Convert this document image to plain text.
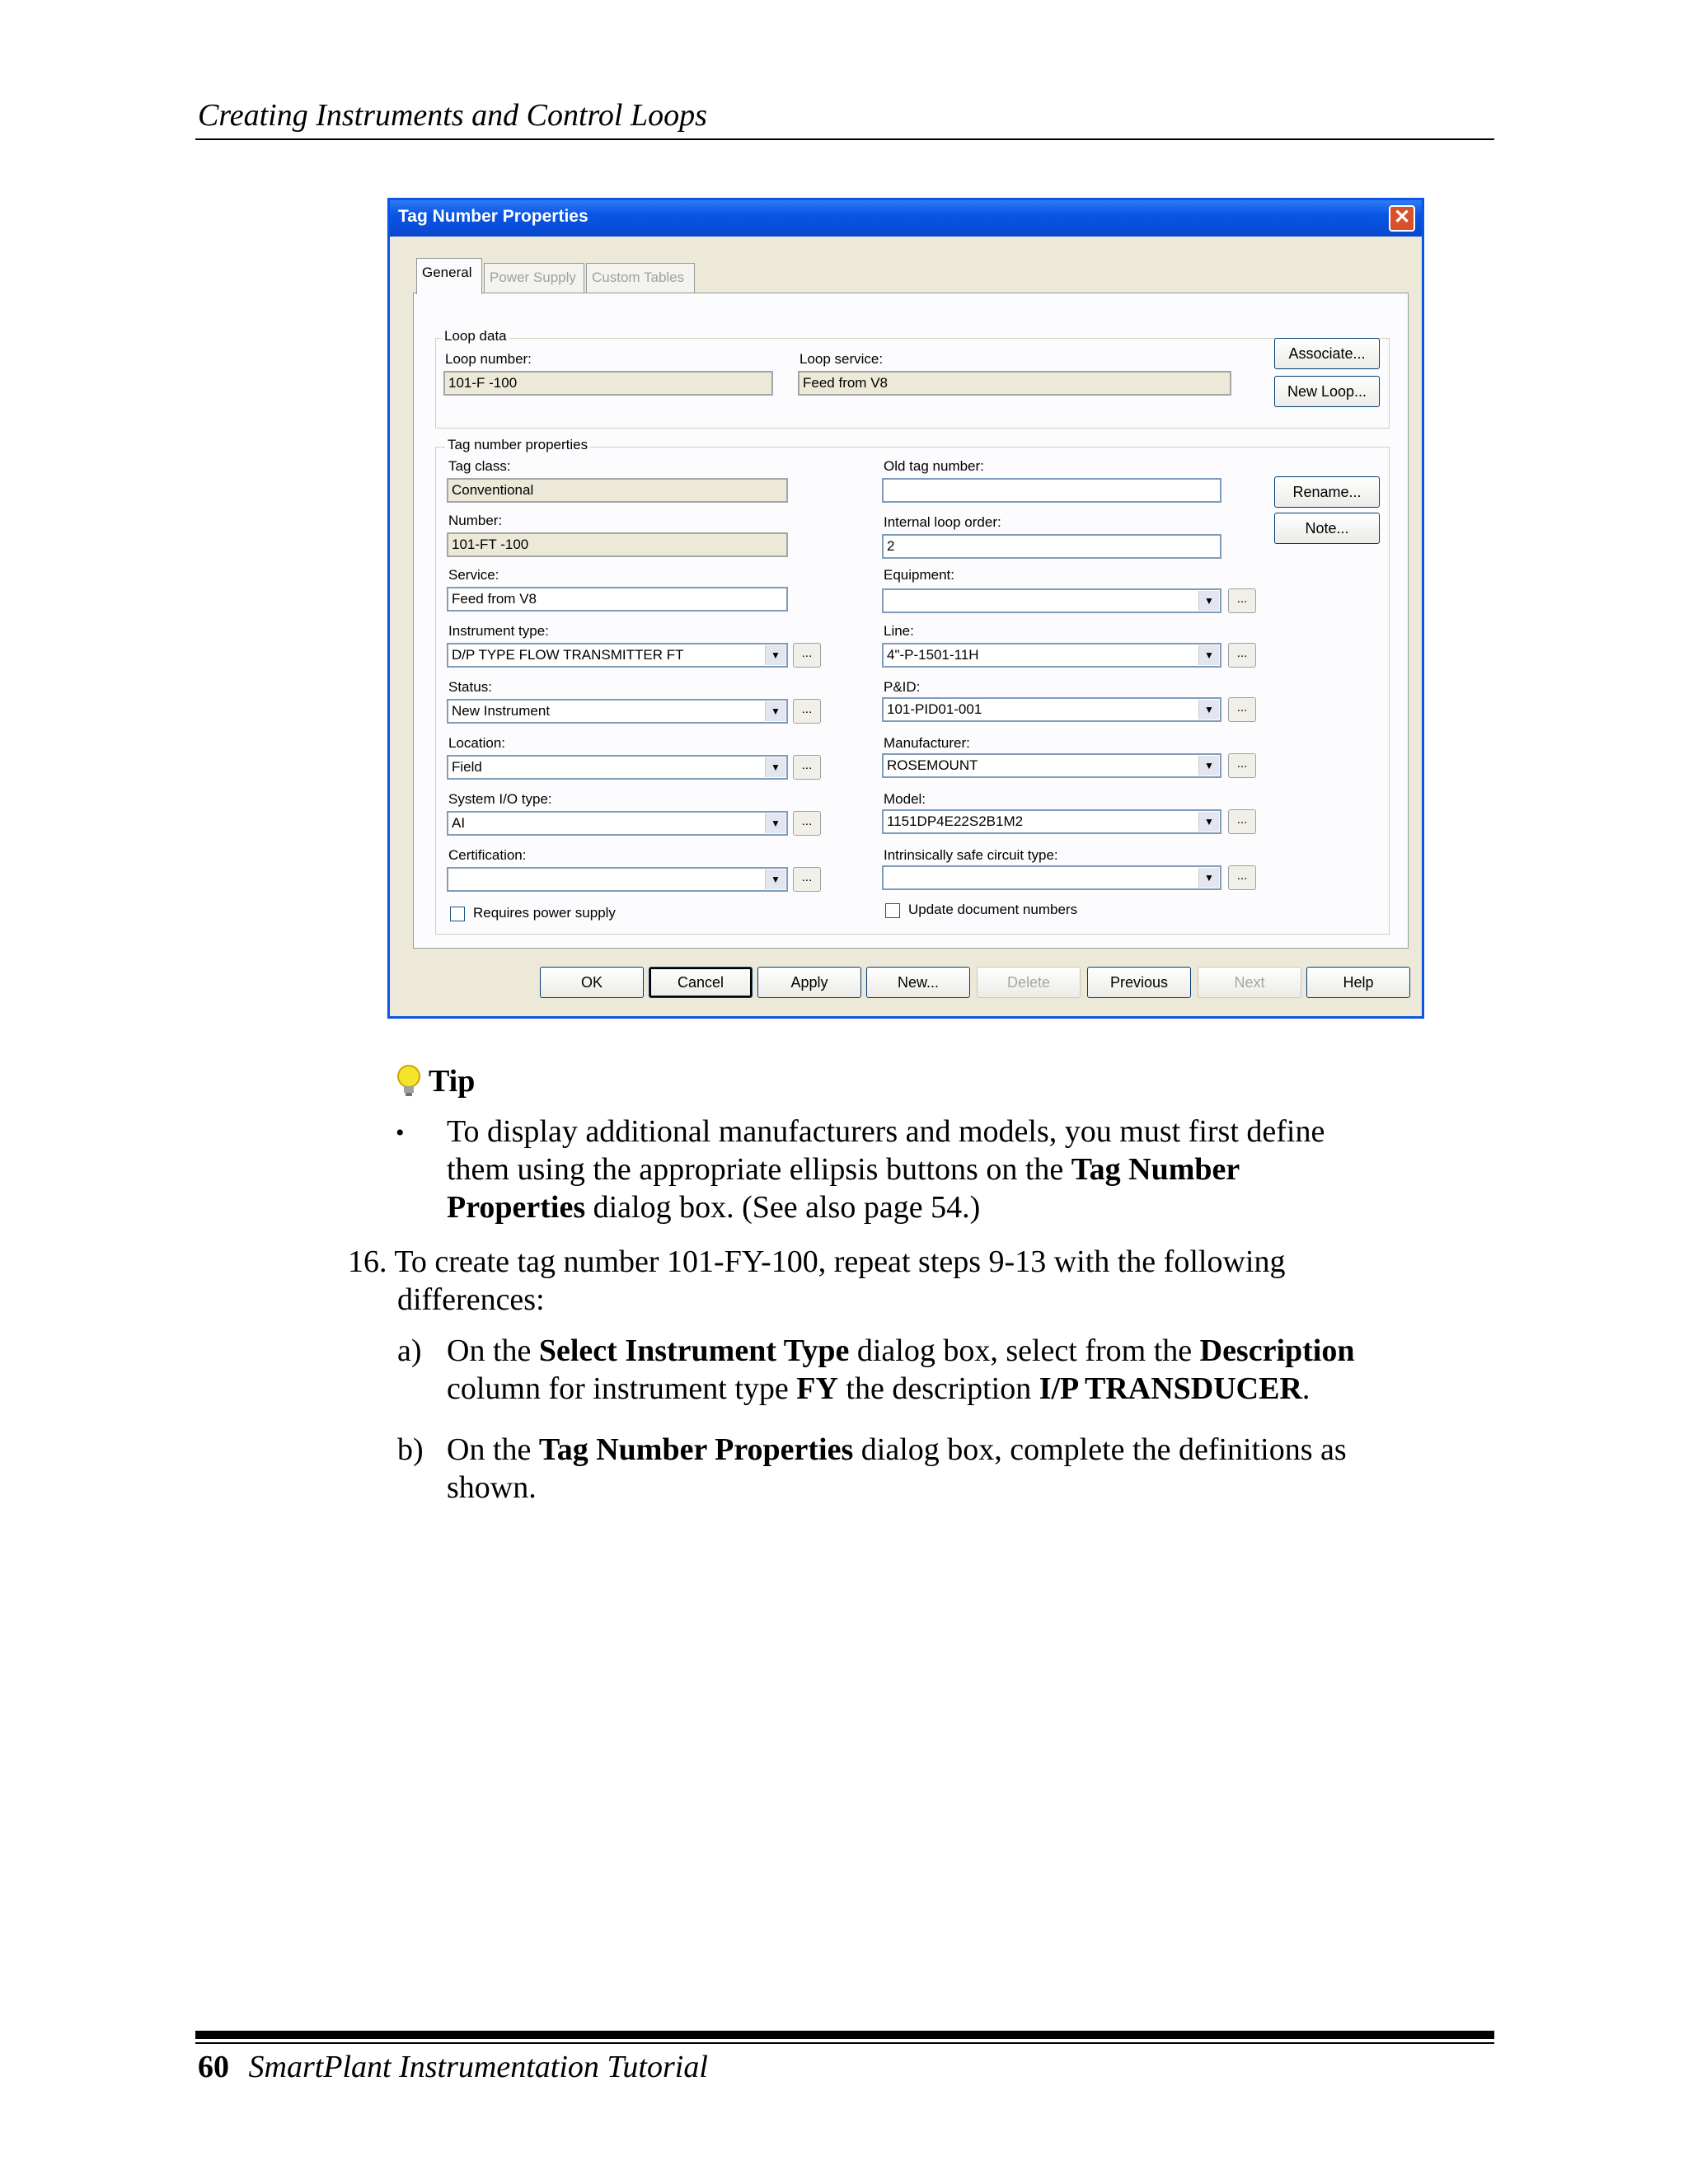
Creating Instruments and Control Loops
Tag Number Properties	✕
General	Power Supply	Custom Tables
Loop data
Loop number:
101-F -100
Loop service:
Feed from V8
Associate...
New Loop...
Tag number properties
Tag class:
Conventional
Number:
101-FT -100
Service:
Feed from V8
Instrument type:
D/P TYPE FLOW TRANSMITTER FT	▼	...
Status:
New Instrument	▼	...
Location:
Field	▼	...
System I/O type:
AI	▼	...
Certification:
▼	...
Requires power supply
Old tag number:
Internal loop order:
2
Equipment:
▼	...
Line:
4"-P-1501-11H	▼	...
P&ID:
101-PID01-001	▼	...
Manufacturer:
ROSEMOUNT	▼	...
Model:
1151DP4E22S2B1M2	▼	...
Intrinsically safe circuit type:
▼	...
Update document numbers
Rename...
Note...
OK	Cancel	Apply	New...	Delete	Previous	Next	Help
Tip
• To display additional manufacturers and models, you must first define
them using the appropriate ellipsis buttons on the Tag Number
Properties dialog box. (See also page 54.)
16. To create tag number 101-FY-100, repeat steps 9-13 with the following
differences:
a) On the Select Instrument Type dialog box, select from the Description
column for instrument type FY the description I/P TRANSDUCER.
b) On the Tag Number Properties dialog box, complete the definitions as
shown.
60 SmartPlant Instrumentation Tutorial
